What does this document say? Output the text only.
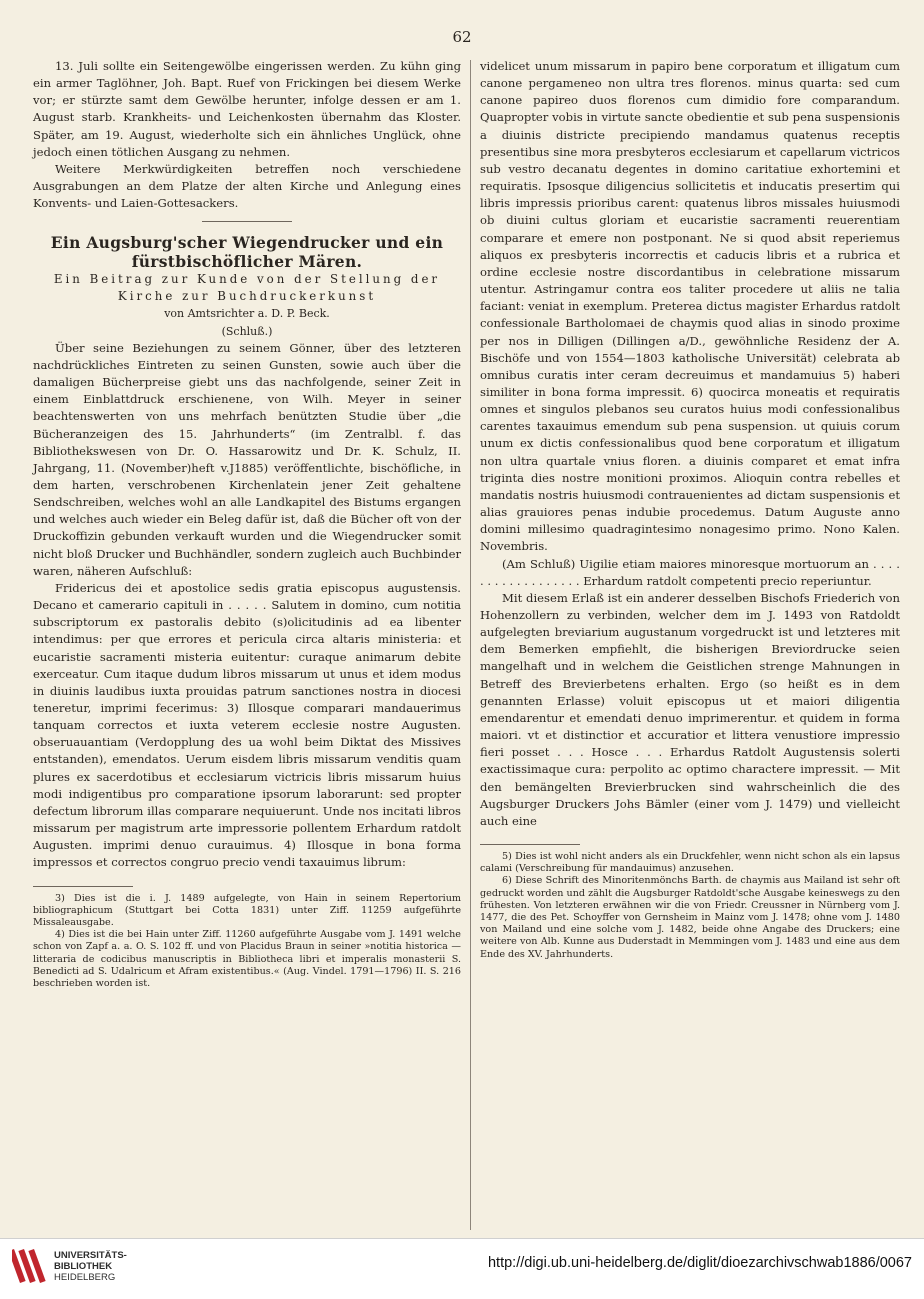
62

13. Juli sollte ein Seitengewölbe eingerissen werden. Zu kühn ging ein armer Taglöhner, Joh. Bapt. Ruef von Frickingen bei diesem Werke vor; er stürzte samt dem Gewölbe herunter, infolge dessen er am 1. August starb. Krankheits- und Leichenkosten übernahm das Kloster. Später, am 19. August, wiederholte sich ein ähnliches Unglück, ohne jedoch einen tötlichen Ausgang zu nehmen.

Weitere Merkwürdigkeiten betreffen noch verschiedene Ausgrabungen an dem Platze der alten Kirche und Anlegung eines Konvents- und Laien-Gottesackers.

Ein Augsburg'scher Wiegendrucker und ein fürstbischöflicher Mären.

Ein Beitrag zur Kunde von der Stellung der

Kirche zur Buchdruckerkunst

von Amtsrichter a. D. P. Beck.

(Schluß.)

Über seine Beziehungen zu seinem Gönner, über des letzteren nachdrückliches Eintreten zu seinen Gunsten, sowie auch über die damaligen Bücherpreise giebt uns das nachfolgende, seiner Zeit in einem Einblattdruck erschienene, von Wilh. Meyer in seiner beachtenswerten von uns mehrfach benützten Studie über „die Bücheranzeigen des 15. Jahrhunderts“ (im Zentralbl. f. das Bibliothekswesen von Dr. O. Hassarowitz und Dr. K. Schulz, II. Jahrgang, 11. (November)heft v.J1885) veröffentlichte, bischöfliche, in dem harten, verschrobenen Kirchenlatein jener Zeit gehaltene Sendschreiben, welches wohl an alle Landkapitel des Bistums ergangen und welches auch wieder ein Beleg dafür ist, daß die Bücher oft von der Druckoffizin gebunden verkauft wurden und die Wiegendrucker somit nicht bloß Drucker und Buchhändler, sondern zugleich auch Buchbinder waren, näheren Aufschluß:

Fridericus dei et apostolice sedis gratia episcopus augustensis. Decano et camerario capituli in . . . . . Salutem in domino, cum notitia subscriptorum ex pastoralis debito (s)olicitudinis ad ea libenter intendimus: per que errores et pericula circa altaris ministeria: et eucaristie sacramenti misteria euitentur: curaque animarum debite exerceatur. Cum itaque dudum libros missarum ut unus et idem modus in diuinis laudibus iuxta prouidas patrum sanctiones nostra in diocesi teneretur, imprimi fecerimus: 3) Illosque comparari mandauerimus tanquam correctos et iuxta veterem ecclesie nostre Augusten. obseruauantiam (Verdopplung des ua wohl beim Diktat des Missives entstanden), emendatos. Uerum eisdem libris missarum venditis quam plures ex sacerdotibus et ecclesiarum victricis libris missarum huius modi indigentibus pro comparatione ipsorum laborarunt: sed propter defectum librorum illas comparare nequiuerunt. Unde nos incitati libros missarum per magistrum arte impressorie pollentem Erhardum ratdolt Augusten. imprimi denuo curauimus. 4) Illosque in bona forma impressos et correctos congruo precio vendi taxauimus librum:

3) Dies ist die i. J. 1489 aufgelegte, von Hain in seinem Repertorium bibliographicum (Stuttgart bei Cotta 1831) unter Ziff. 11259 aufgeführte Missaleausgabe.

4) Dies ist die bei Hain unter Ziff. 11260 aufgeführte Ausgabe vom J. 1491 welche schon von Zapf a. a. O. S. 102 ff. und von Placidus Braun in seiner »notitia historica — litteraria de codicibus manuscriptis in Bibliotheca libri et imperalis monasterii S. Benedicti ad S. Udalricum et Afram existentibus.« (Aug. Vindel. 1791—1796) II. S. 216 beschrieben worden ist.

videlicet unum missarum in papiro bene corporatum et illigatum cum canone pergameneo non ultra tres florenos. minus quarta: sed cum canone papireo duos florenos cum dimidio fore comparandum. Quapropter vobis in virtute sancte obedientie et sub pena suspensionis a diuinis districte precipiendo mandamus quatenus receptis presentibus sine mora presbyteros ecclesiarum et capellarum victricos sub vestro decanatu degentes in domino caritatiue exhortemini et requiratis. Ipsosque diligencius sollicitetis et inducatis presertim qui libris impressis prioribus carent: quatenus libros missales huiusmodi ob diuini cultus gloriam et eucaristie sacramenti reuerentiam comparare et emere non postponant. Ne si quod absit reperiemus aliquos ex presbyteris incorrectis et caducis libris et a rubrica et ordine ecclesie nostre discordantibus in celebratione missarum utentur. Astringamur contra eos taliter procedere ut aliis ne talia faciant: veniat in exemplum. Preterea dictus magister Erhardus ratdolt confessionale Bartholomaei de chaymis quod alias in sinodo proxime per nos in Dilligen (Dillingen a/D., gewöhnliche Residenz der A. Bischöfe und von 1554—1803 katholische Universität) celebrata ab omnibus curatis inter ceram decreuimus et mandamuius 5) haberi similiter in bona forma impressit. 6) quocirca moneatis et requiratis omnes et singulos plebanos seu curatos huius modi confessionalibus carentes taxauimus emendum sub pena suspension. ut quiuis corum unum ex dictis confessionalibus quod bene corporatum et illigatum non ultra quartale vnius floren. a diuinis comparet et emat infra triginta dies nostre monitioni proximos. Alioquin contra rebelles et mandatis nostris huiusmodi contrauenientes ad dictam suspensionis et alias grauiores penas indubie procedemus. Datum Auguste anno domini millesimo quadragintesimo nonagesimo primo. Nono Kalen. Novembris.

(Am Schluß) Uigilie etiam maiores minoresque mortuorum an . . . . . . . . . . . . . . . . . . Erhardum ratdolt competenti precio reperiuntur.

Mit diesem Erlaß ist ein anderer desselben Bischofs Friederich von Hohenzollern zu verbinden, welcher dem im J. 1493 von Ratdoldt aufgelegten breviarium augustanum vorgedruckt ist und letzteres mit dem Bemerken empfiehlt, die bisherigen Breviordrucke seien mangelhaft und in welchem die Geistlichen strenge Mahnungen in Betreff des Brevierbetens erhalten. Ergo (so heißt es in dem genannten Erlasse) voluit episcopus ut et maiori diligentia emendarentur et emendati denuo imprimerentur. et quidem in forma maiori. vt et distinctior et accuratior et littera venustiore impressio fieri posset . . . Hosce . . . Erhardus Ratdolt Augustensis solerti exactissimaque cura: perpolito ac optimo charactere impressit. — Mit den bemängelten Brevierbrucken sind wahrscheinlich die des Augsburger Druckers Johs Bämler (einer vom J. 1479) und vielleicht auch eine

5) Dies ist wohl nicht anders als ein Druckfehler, wenn nicht schon als ein lapsus calami (Verschreibung für mandauimus) anzusehen.

6) Diese Schrift des Minoritenmönchs Barth. de chaymis aus Mailand ist sehr oft gedruckt worden und zählt die Augsburger Ratdoldt'sche Ausgabe keineswegs zu den frühesten. Von letzteren erwähnen wir die von Friedr. Creussner in Nürnberg vom J. 1477, die des Pet. Schoyffer von Gernsheim in Mainz vom J. 1478; ohne vom J. 1480 von Mailand und eine solche vom J. 1482, beide ohne Angabe des Druckers; eine weitere von Alb. Kunne aus Duderstadt in Memmingen vom J. 1483 und eine aus dem Ende des XV. Jahrhunderts.

UNIVERSITÄTS-
BIBLIOTHEK
HEIDELBERG
http://digi.ub.uni-heidelberg.de/diglit/dioezarchivschwab1886/0067
